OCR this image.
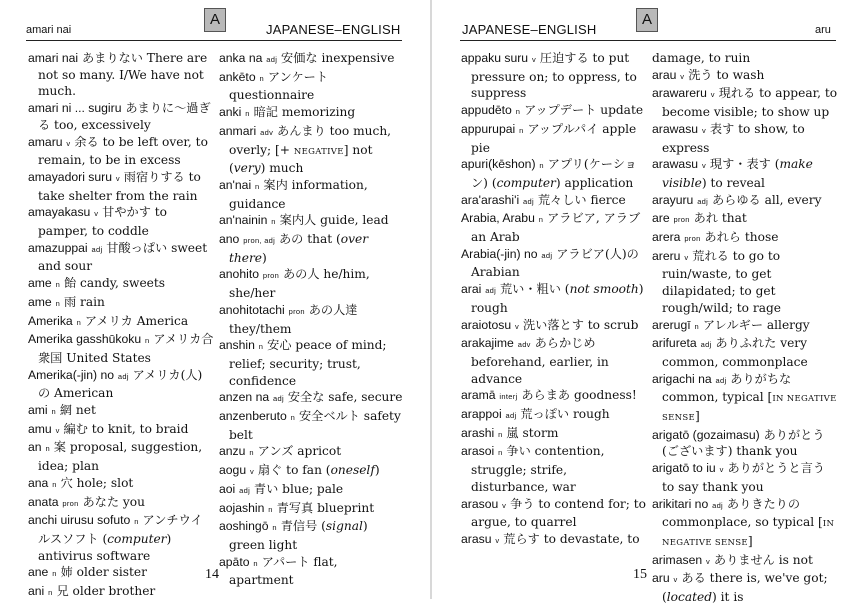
amari nai
A
JAPANESE–ENGLISH
amari nai あまりない There are not so many. I/We have not much.
amari ni ... sugiru あまりに〜過ぎる too, excessively
amaru v 余る to be left over, to remain, to be in excess
amayadori suru v 雨宿りする to take shelter from the rain
amayakasu v 甘やかす to pamper, to coddle
amazuppai adj 甘酸っぱい sweet and sour
ame n 飴 candy, sweets
ame n 雨 rain
Amerika n アメリカ America
Amerika gasshūkoku n アメリカ合衆国 United States
Amerika(-jin) no adj アメリカ(人)の American
ami n 網 net
amu v 編む to knit, to braid
an n 案 proposal, suggestion, idea; plan
ana n 穴 hole; slot
anata pron あなた you
anchi uirusu sofuto n アンチウイルスソフト (computer) antivirus software
ane n 姉 older sister
ani n 兄 older brother
anka na adj 安価な inexpensive
ankēto n アンケート questionnaire
anki n 暗記 memorizing
anmari adv あんまり too much, overly; [+ NEGATIVE] not (very) much
an'nai n 案内 information, guidance
an'nainin n 案内人 guide, lead
ano pron, adj あの that (over there)
anohito pron あの人 he/him, she/her
anohitotachi pron あの人達 they/them
anshin n 安心 peace of mind; relief; security; trust, confidence
anzen na adj 安全な safe, secure
anzenberuto n 安全ベルト safety belt
anzu n アンズ apricot
aogu v 扇ぐ to fan (oneself)
aoi adj 青い blue; pale
aojashin n 青写真 blueprint
aoshingō n 青信号 (signal) green light
apāto n アパート flat, apartment
14
JAPANESE–ENGLISH
A
aru
appaku suru v 圧迫する to put pressure on; to oppress, to suppress
appudēto n アップデート update
appurupai n アップルパイ apple pie
apuri(kēshon) n アプリ(ケーション) (computer) application
ara'arashi'i adj 荒々しい fierce
Arabia, Arabu n アラビア, アラブ an Arab
Arabia(-jin) no adj アラビア(人)の Arabian
arai adj 荒い・粗い (not smooth) rough
araiotosu v 洗い落とす to scrub
arakajime adv あらかじめ beforehand, earlier, in advance
aramā interj あらまあ goodness!
arappoi adj 荒っぽい rough
arashi n 嵐 storm
arasoi n 争い contention, struggle; strife, disturbance, war
arasou v 争う to contend for; to argue, to quarrel
arasu v 荒らす to devastate, to
damage, to ruin
arau v 洗う to wash
arawareru v 現れる to appear, to become visible; to show up
arawasu v 表す to show, to express
arawasu v 現す・表す (make visible) to reveal
arayuru adj あらゆる all, every
are pron あれ that
arera pron あれら those
areru v 荒れる to go to ruin/waste, to get dilapidated; to get rough/wild; to rage
arerugī n アレルギー allergy
arifureta adj ありふれた very common, commonplace
arigachi na adj ありがちな common, typical [IN NEGATIVE SENSE]
arigatō (gozaimasu) ありがとう(ございます) thank you
arigatō to iu v ありがとうと言う to say thank you
arikitari no adj ありきたりの commonplace, so typical [IN NEGATIVE SENSE]
arimasen v ありません is not
aru v ある there is, we've got; (located) it is
15
